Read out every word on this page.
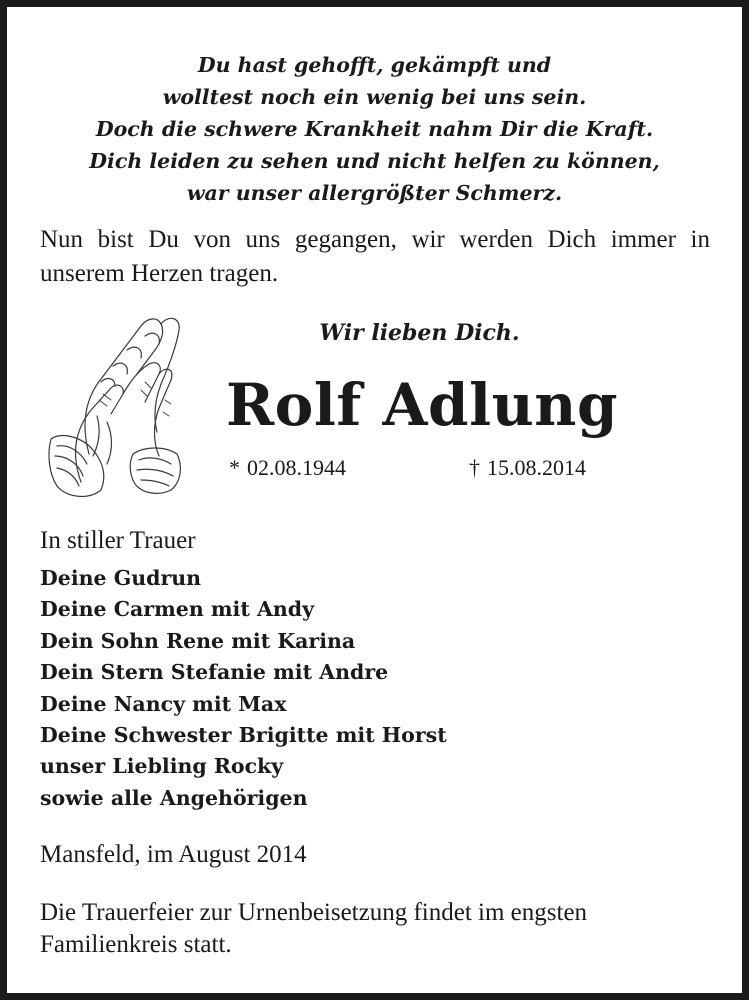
Du hast gehofft, gekämpft und
wolltest noch ein wenig bei uns sein.
Doch die schwere Krankheit nahm Dir die Kraft.
Dich leiden zu sehen und nicht helfen zu können,
war unser allergrößter Schmerz.
Nun bist Du von uns gegangen, wir werden Dich immer in unserem Herzen tragen.
Wir lieben Dich.
Rolf Adlung
* 02.08.1944	† 15.08.2014
In stiller Trauer
Deine Gudrun
Deine Carmen mit Andy
Dein Sohn Rene mit Karina
Dein Stern Stefanie mit Andre
Deine Nancy mit Max
Deine Schwester Brigitte mit Horst
unser Liebling Rocky
sowie alle Angehörigen
Mansfeld, im August 2014
Die Trauerfeier zur Urnenbeisetzung findet im engsten Familienkreis statt.
